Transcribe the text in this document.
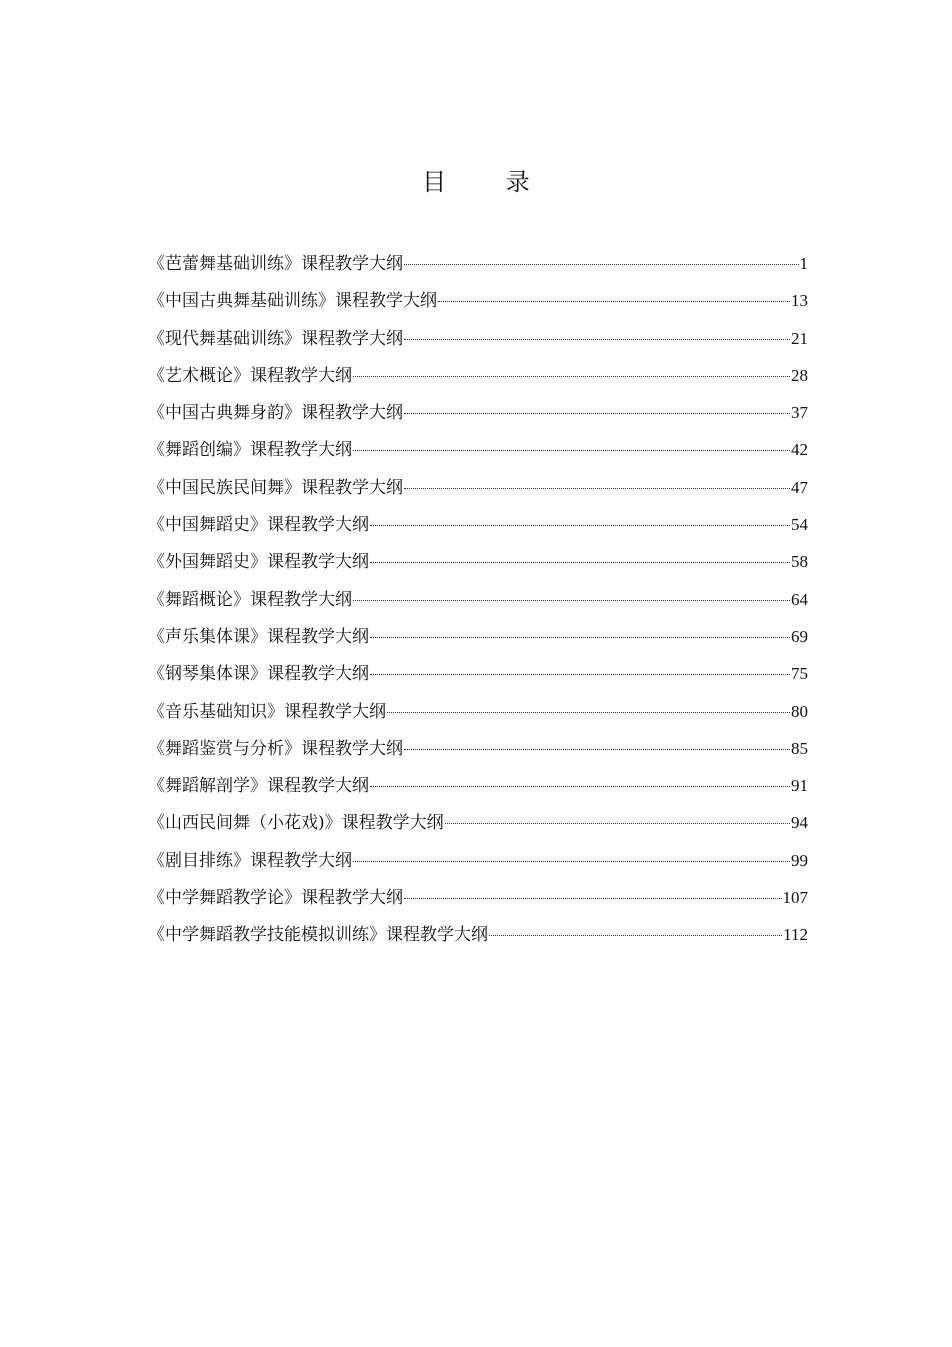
目 录
《芭蕾舞基础训练》课程教学大纲	1
《中国古典舞基础训练》课程教学大纲	13
《现代舞基础训练》课程教学大纲	21
《艺术概论》课程教学大纲	28
《中国古典舞身韵》课程教学大纲	37
《舞蹈创编》课程教学大纲	42
《中国民族民间舞》课程教学大纲	47
《中国舞蹈史》课程教学大纲	54
《外国舞蹈史》课程教学大纲	58
《舞蹈概论》课程教学大纲	64
《声乐集体课》课程教学大纲	69
《钢琴集体课》课程教学大纲	75
《音乐基础知识》课程教学大纲	80
《舞蹈鉴赏与分析》课程教学大纲	85
《舞蹈解剖学》课程教学大纲	91
《山西民间舞（小花戏)》课程教学大纲	94
《剧目排练》课程教学大纲	99
《中学舞蹈教学论》课程教学大纲	107
《中学舞蹈教学技能模拟训练》课程教学大纲	112
